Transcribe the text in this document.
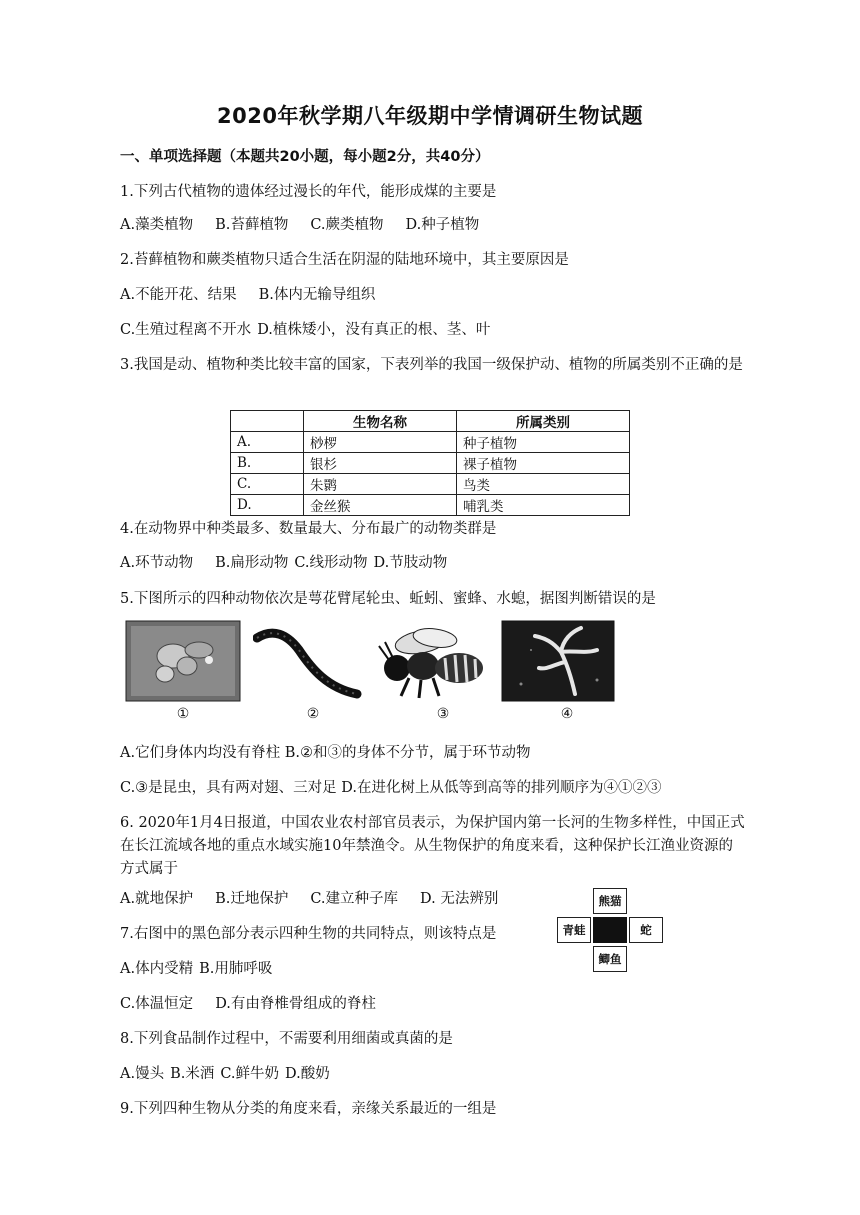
2020年秋学期八年级期中学情调研生物试题
一、单项选择题（本题共20小题，每小题2分，共40分）
1.下列古代植物的遗体经过漫长的年代，能形成煤的主要是
A.藻类植物 B.苔藓植物 C.蕨类植物 D.种子植物
2.苔藓植物和蕨类植物只适合生活在阴湿的陆地环境中，其主要原因是
A.不能开花、结果 B.体内无输导组织
C.生殖过程离不开水 D.植株矮小，没有真正的根、茎、叶
3.我国是动、植物种类比较丰富的国家，下表列举的我国一级保护动、植物的所属类别不正确的是
	生物名称	所属类别
A.	桫椤	种子植物
B.	银杉	裸子植物
C.	朱鹮	鸟类
D.	金丝猴	哺乳类
4.在动物界中种类最多、数量最大、分布最广的动物类群是
A.环节动物 B.扁形动物 C.线形动物 D.节肢动物
5.下图所示的四种动物依次是萼花臂尾轮虫、蚯蚓、蜜蜂、水螅，据图判断错误的是
①	②	③	④
A.它们身体内均没有脊柱 B.②和③的身体不分节，属于环节动物
C.③是昆虫，具有两对翅、三对足 D.在进化树上从低等到高等的排列顺序为④①②③
6. 2020年1月4日报道，中国农业农村部官员表示，为保护国内第一长河的生物多样性，中国正式在长江流域各地的重点水域实施10年禁渔令。从生物保护的角度来看，这种保护长江渔业资源的方式属于
A.就地保护 B.迁地保护 C.建立种子库 D. 无法辨别	熊猫
青蛙	蛇
鲫鱼
7.右图中的黑色部分表示四种生物的共同特点，则该特点是
A.体内受精 B.用肺呼吸
C.体温恒定 D.有由脊椎骨组成的脊柱
8.下列食品制作过程中，不需要利用细菌或真菌的是
A.馒头 B.米酒 C.鲜牛奶 D.酸奶
9.下列四种生物从分类的角度来看，亲缘关系最近的一组是
